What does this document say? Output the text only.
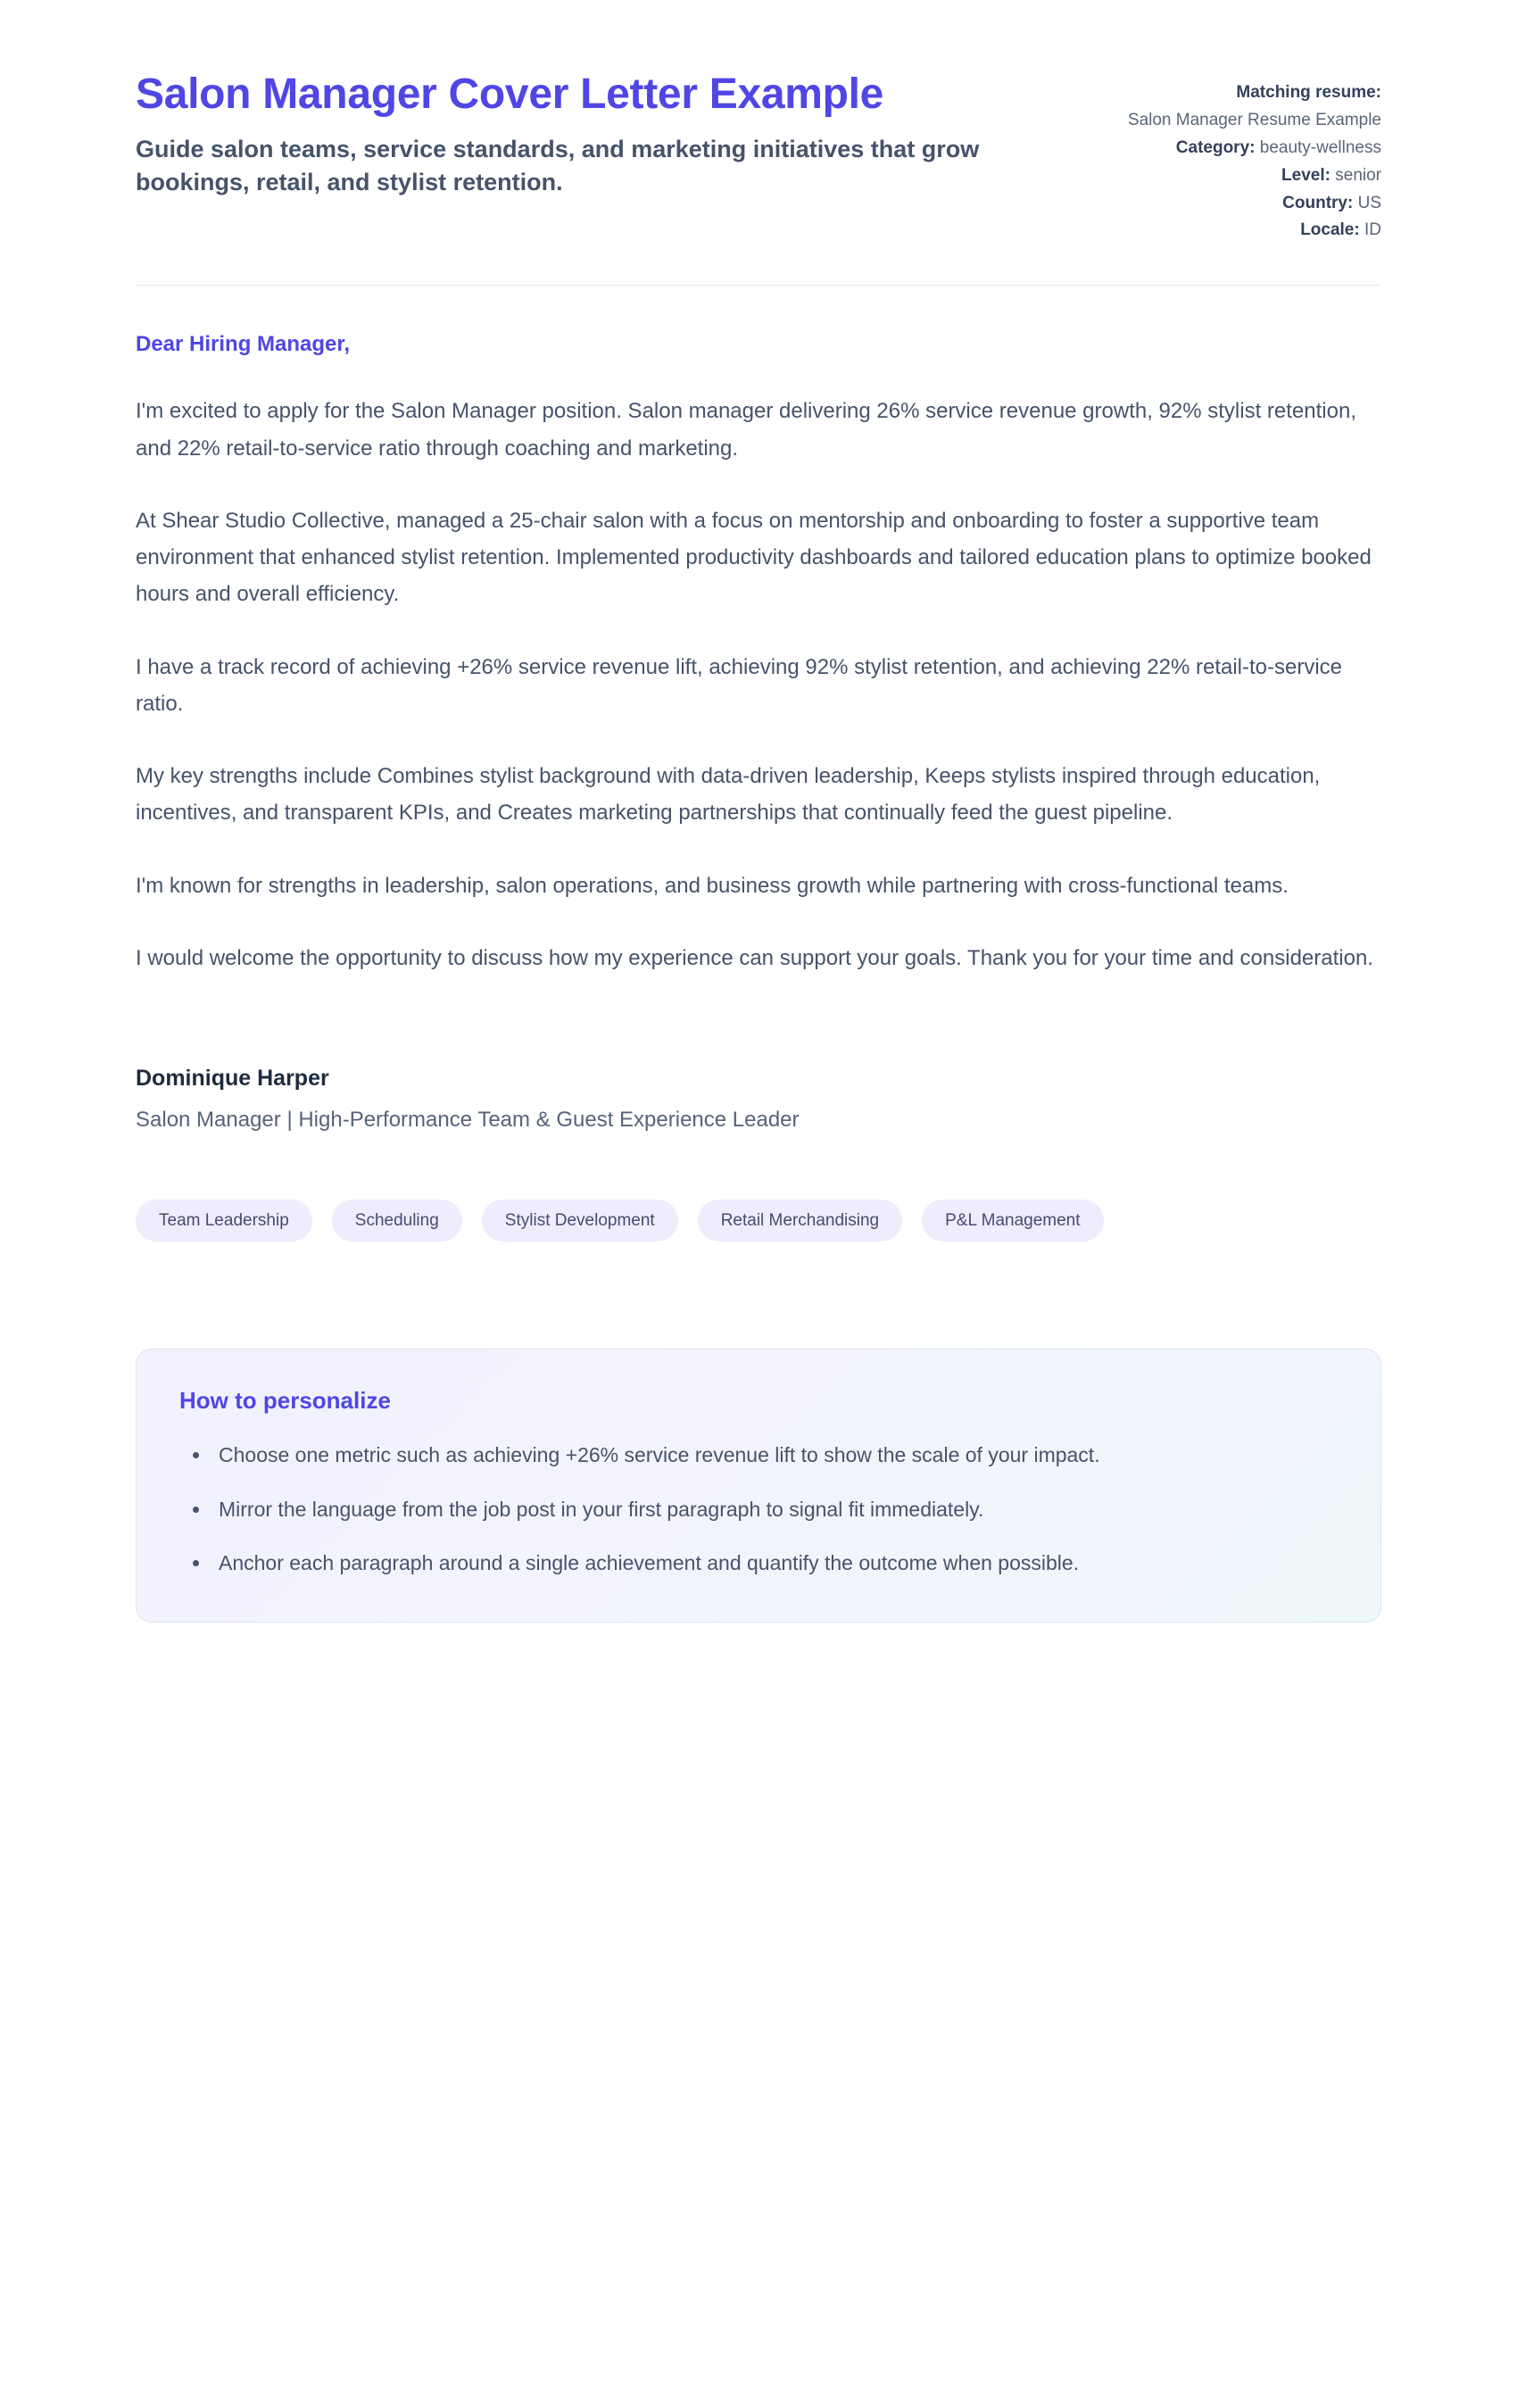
Salon Manager Cover Letter Example

Guide salon teams, service standards, and marketing initiatives that grow bookings, retail, and stylist retention.

Matching resume:
Salon Manager Resume Example
Category: beauty-wellness
Level: senior
Country: US
Locale: ID

Dear Hiring Manager,

I'm excited to apply for the Salon Manager position. Salon manager delivering 26% service revenue growth, 92% stylist retention, and 22% retail-to-service ratio through coaching and marketing.

At Shear Studio Collective, managed a 25-chair salon with a focus on mentorship and onboarding to foster a supportive team environment that enhanced stylist retention. Implemented productivity dashboards and tailored education plans to optimize booked hours and overall efficiency.

I have a track record of achieving +26% service revenue lift, achieving 92% stylist retention, and achieving 22% retail-to-service ratio.

My key strengths include Combines stylist background with data-driven leadership, Keeps stylists inspired through education, incentives, and transparent KPIs, and Creates marketing partnerships that continually feed the guest pipeline.

I'm known for strengths in leadership, salon operations, and business growth while partnering with cross-functional teams.

I would welcome the opportunity to discuss how my experience can support your goals. Thank you for your time and consideration.

Dominique Harper

Salon Manager | High-Performance Team & Guest Experience Leader

Team Leadership	Scheduling	Stylist Development	Retail Merchandising	P&L Management

How to personalize

• Choose one metric such as achieving +26% service revenue lift to show the scale of your impact.
• Mirror the language from the job post in your first paragraph to signal fit immediately.
• Anchor each paragraph around a single achievement and quantify the outcome when possible.
